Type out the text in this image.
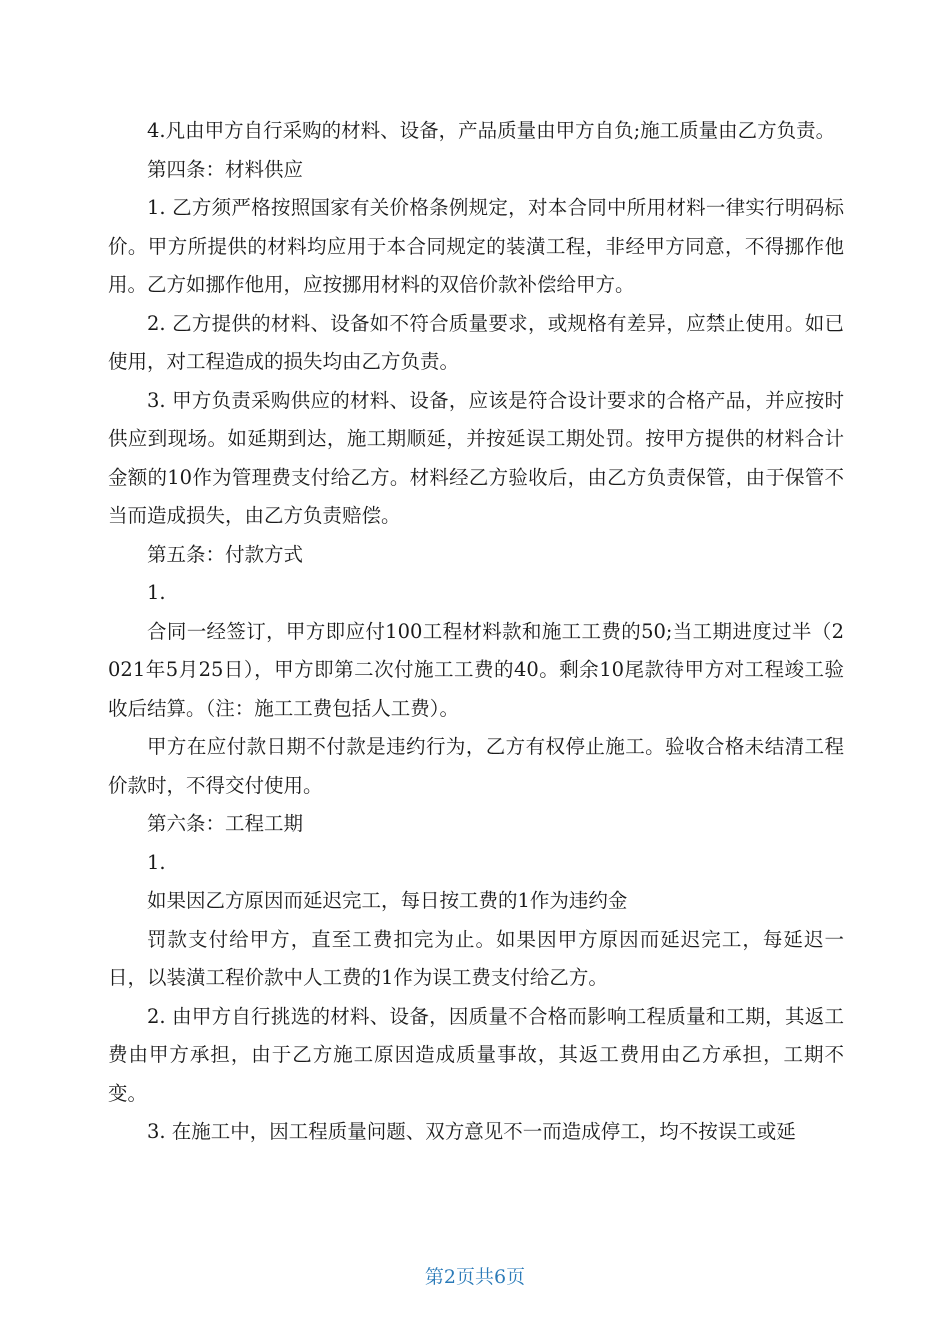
4.凡由甲方自行采购的材料、设备，产品质量由甲方自负;施工质量由乙方负责。

第四条：材料供应

1. 乙方须严格按照国家有关价格条例规定，对本合同中所用材料一律实行明码标价。甲方所提供的材料均应用于本合同规定的装潢工程，非经甲方同意，不得挪作他用。乙方如挪作他用，应按挪用材料的双倍价款补偿给甲方。

2. 乙方提供的材料、设备如不符合质量要求，或规格有差异，应禁止使用。如已使用，对工程造成的损失均由乙方负责。

3. 甲方负责采购供应的材料、设备，应该是符合设计要求的合格产品，并应按时供应到现场。如延期到达，施工期顺延，并按延误工期处罚。按甲方提供的材料合计金额的10作为管理费支付给乙方。材料经乙方验收后，由乙方负责保管，由于保管不当而造成损失，由乙方负责赔偿。

第五条：付款方式

1.

合同一经签订，甲方即应付100工程材料款和施工工费的50;当工期进度过半（2021年5月25日），甲方即第二次付施工工费的40。剩余10尾款待甲方对工程竣工验收后结算。（注：施工工费包括人工费）。

甲方在应付款日期不付款是违约行为，乙方有权停止施工。验收合格未结清工程价款时，不得交付使用。

第六条：工程工期

1.

如果因乙方原因而延迟完工，每日按工费的1作为违约金

罚款支付给甲方，直至工费扣完为止。如果因甲方原因而延迟完工，每延迟一日，以装潢工程价款中人工费的1作为误工费支付给乙方。

2. 由甲方自行挑选的材料、设备，因质量不合格而影响工程质量和工期，其返工费由甲方承担，由于乙方施工原因造成质量事故，其返工费用由乙方承担，工期不变。

3. 在施工中，因工程质量问题、双方意见不一而造成停工，均不按误工或延

第2页共6页
